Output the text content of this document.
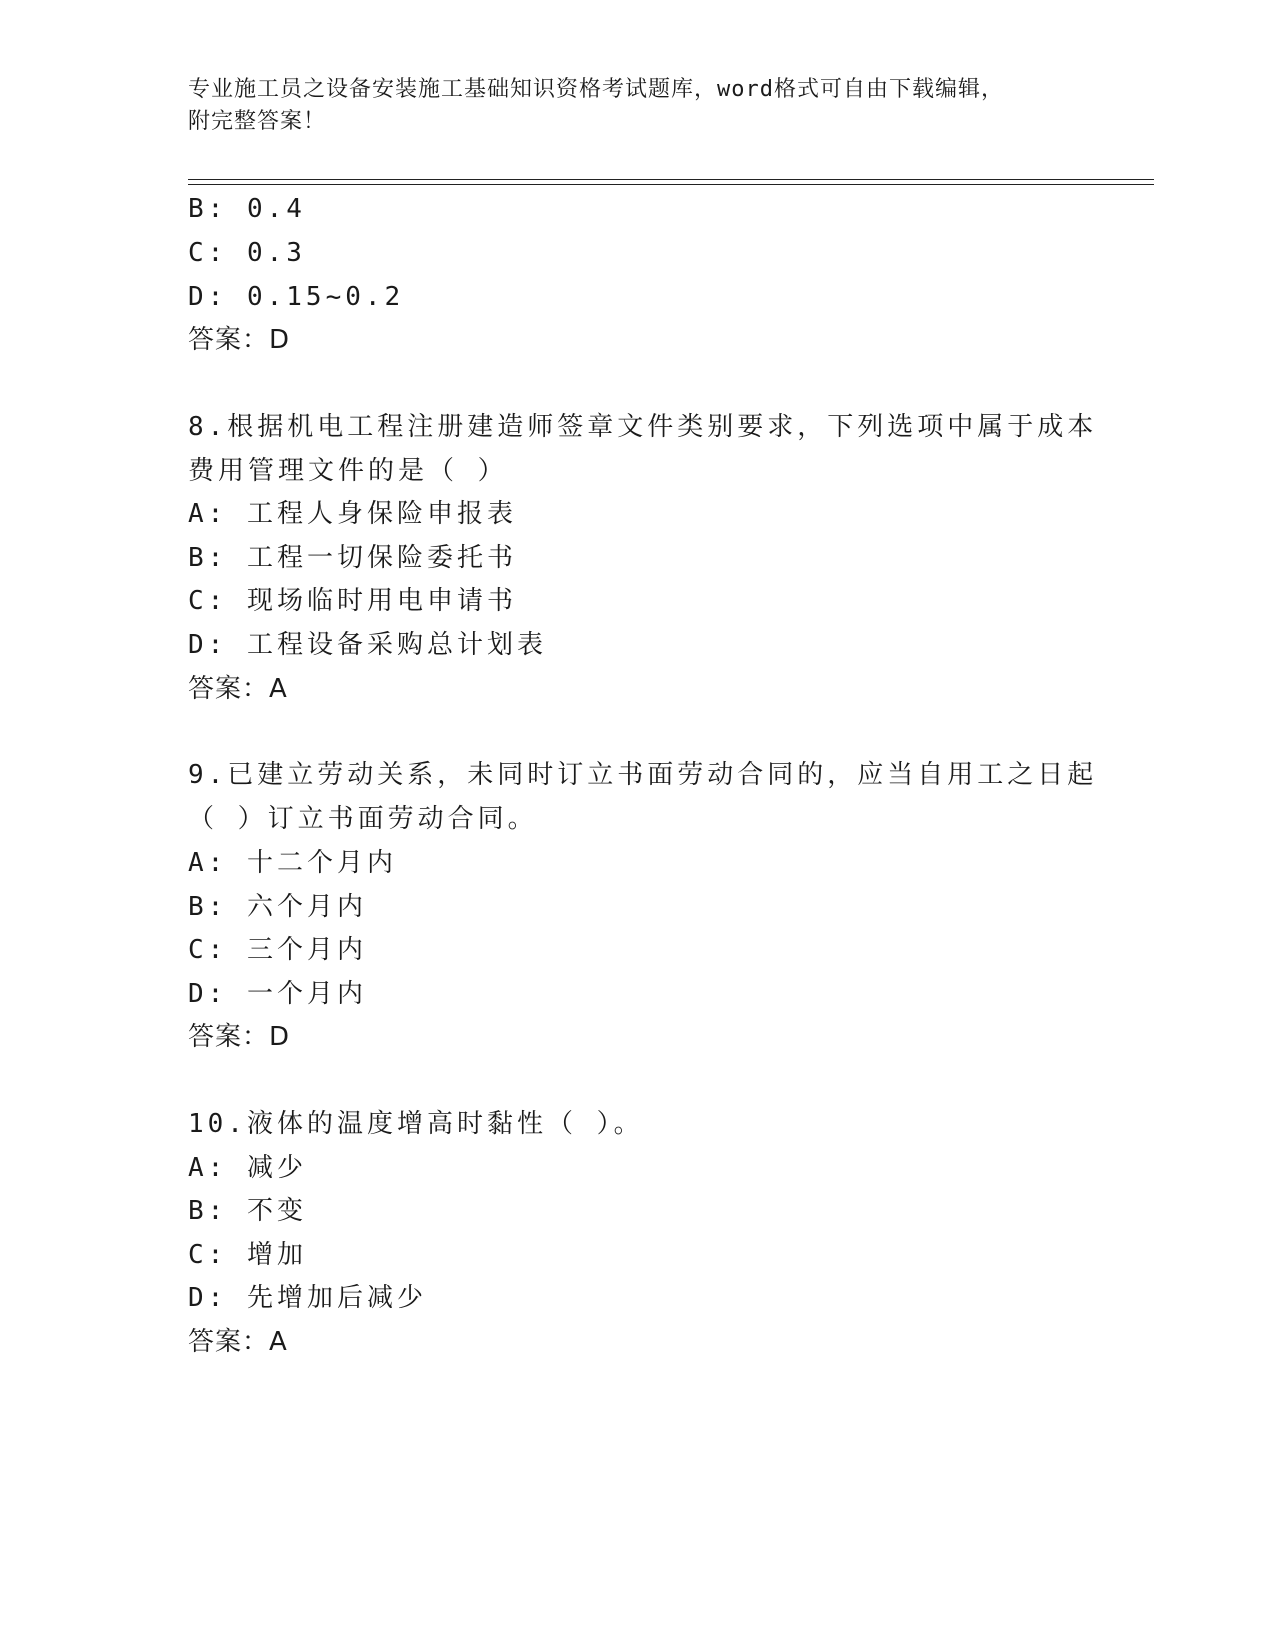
专业施工员之设备安装施工基础知识资格考试题库，word格式可自由下载编辑，
附完整答案！
B: 0.4
C: 0.3
D: 0.15~0.2
答案：D
8.根据机电工程注册建造师签章文件类别要求，下列选项中属于成本
费用管理文件的是（ ）
A: 工程人身保险申报表
B: 工程一切保险委托书
C: 现场临时用电申请书
D: 工程设备采购总计划表
答案：A
9.已建立劳动关系，未同时订立书面劳动合同的，应当自用工之日起
（ ）订立书面劳动合同。
A: 十二个月内
B: 六个月内
C: 三个月内
D: 一个月内
答案：D
10.液体的温度增高时黏性（ ）。
A: 减少
B: 不变
C: 增加
D: 先增加后减少
答案：A
